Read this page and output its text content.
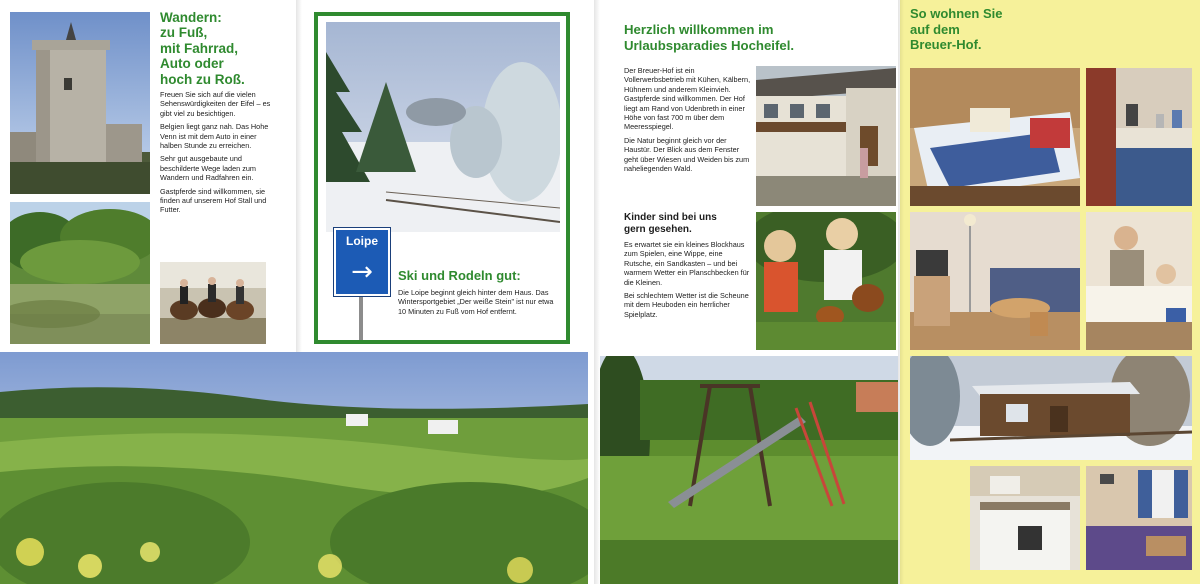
Wandern:
zu Fuß,
mit Fahrrad,
Auto oder
hoch zu Roß.

Freuen Sie sich auf die vielen Sehenswürdigkeiten der Eifel – es gibt viel zu besichtigen.

Belgien liegt ganz nah. Das Hohe Venn ist mit dem Auto in einer halben Stunde zu erreichen.

Sehr gut ausgebaute und beschilderte Wege laden zum Wandern und Radfahren ein.

Gastpferde sind willkommen, sie finden auf unserem Hof Stall und Futter.

Loipe
→	Ski und Rodeln gut:
Die Loipe beginnt gleich hinter dem Haus. Das Wintersportgebiet „Der weiße Stein" ist nur etwa 10 Minuten zu Fuß vom Hof entfernt.
Herzlich willkommen im
Urlaubsparadies Hocheifel.

Der Breuer-Hof ist ein Vollerwerbsbetrieb mit Kühen, Kälbern, Hühnern und anderem Kleinvieh. Gastpferde sind willkommen. Der Hof liegt am Rand von Udenbreth in einer Höhe von fast 700 m über dem Meeresspiegel.

Die Natur beginnt gleich vor der Haustür. Der Blick aus dem Fenster geht über Wiesen und Weiden bis zum naheliegenden Wald.

Kinder sind bei uns
gern gesehen.

Es erwartet sie ein kleines Blockhaus zum Spielen, eine Wippe, eine Rutsche, ein Sandkasten – und bei warmem Wetter ein Planschbecken für die Kleinen.

Bei schlechtem Wetter ist die Scheune mit dem Heuboden ein herrlicher Spielplatz.

So wohnen Sie
auf dem
Breuer-Hof.
